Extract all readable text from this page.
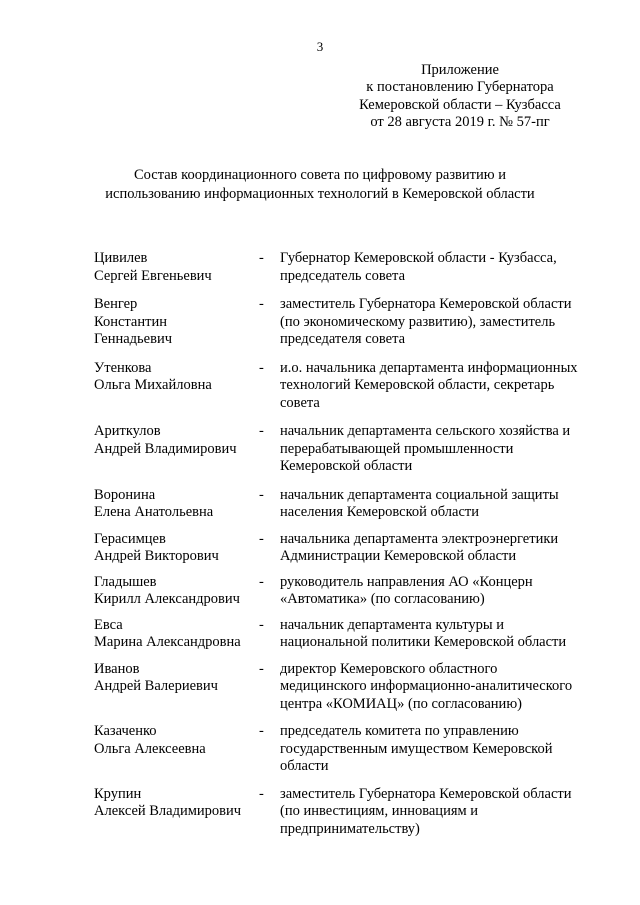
3
Приложение
к постановлению Губернатора
Кемеровской области – Кузбасса
от 28 августа 2019 г. № 57-пг
Состав координационного совета по цифровому развитию и
использованию информационных технологий в Кемеровской области
Цивилев
Сергей Евгеньевич
-	Губернатор Кемеровской области - Кузбасса,
председатель совета
Венгер
Константин
Геннадьевич
-	заместитель Губернатора Кемеровской области
(по экономическому развитию), заместитель
председателя совета
Утенкова
Ольга Михайловна
-	и.о. начальника департамента информационных
технологий Кемеровской области, секретарь
совета
Ариткулов
Андрей Владимирович
-	начальник департамента сельского хозяйства и
перерабатывающей промышленности
Кемеровской области
Воронина
Елена Анатольевна
-	начальник департамента социальной защиты
населения Кемеровской области
Герасимцев
Андрей Викторович
-	начальника департамента электроэнергетики
Администрации Кемеровской области
Гладышев
Кирилл Александрович
-	руководитель направления АО «Концерн
«Автоматика» (по согласованию)
Евса
Марина Александровна
-	начальник департамента культуры и
национальной политики Кемеровской области
Иванов
Андрей Валериевич
-	директор Кемеровского областного
медицинского информационно-аналитического
центра «КОМИАЦ» (по согласованию)
Казаченко
Ольга Алексеевна
-	председатель комитета по управлению
государственным имуществом Кемеровской
области
Крупин
Алексей Владимирович
-	заместитель Губернатора Кемеровской области
(по инвестициям, инновациям и
предпринимательству)
